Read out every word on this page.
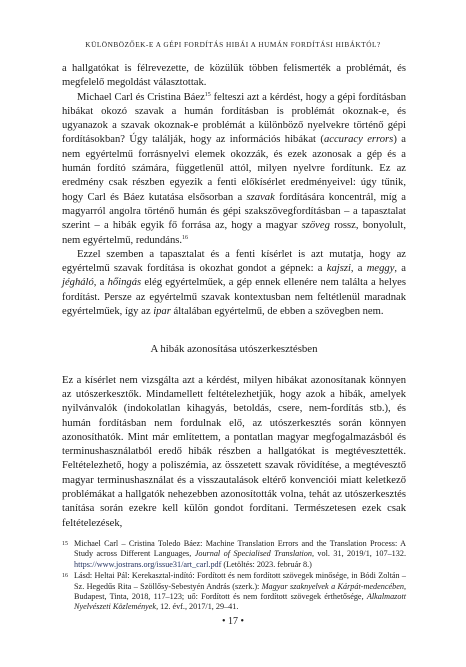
KÜLÖNBÖZŐEK-E A GÉPI FORDÍTÁS HIBÁI A HUMÁN FORDÍTÁSI HIBÁKTÓL?

a hallgatókat is félrevezette, de közülük többen felismerték a problémát, és megfelelő megoldást választottak.

Michael Carl és Cristina Báez$^{15}$ felteszi azt a kérdést, hogy a gépi fordításban hibákat okozó szavak a humán fordításban is problémát okoznak-e, és ugyanazok a szavak okoznak-e problémát a különböző nyelvekre történő gépi fordításokban? Úgy találják, hogy az információs hibákat (accuracy errors) a nem egyértelmű forrásnyelvi elemek okozzák, és ezek azonosak a gép és a humán fordító számára, függetlenül attól, milyen nyelvre fordítunk. Ez az eredmény csak részben egyezik a fenti előkísérlet eredményeivel: úgy tűnik, hogy Carl és Báez kutatása elsősorban a szavak fordítására koncentrál, míg a magyarról angolra történő humán és gépi szakszövegfordításban – a tapasztalat szerint – a hibák egyik fő forrása az, hogy a magyar szöveg rossz, bonyolult, nem egyértelmű, redundáns.$^{16}$

Ezzel szemben a tapasztalat és a fenti kísérlet is azt mutatja, hogy az egyértelmű szavak fordítása is okozhat gondot a gépnek: a kajszi, a meggy, a jégháló, a hőingás elég egyértelműek, a gép ennek ellenére nem találta a helyes fordítást. Persze az egyértelmű szavak kontextusban nem feltétlenül maradnak egyértelműek, így az ipar általában egyértelmű, de ebben a szövegben nem.

A hibák azonosítása utószerkesztésben

Ez a kísérlet nem vizsgálta azt a kérdést, milyen hibákat azonosítanak könnyen az utószerkesztők. Mindamellett feltételezhetjük, hogy azok a hibák, amelyek nyilvánvalók (indokolatlan kihagyás, betoldás, csere, nem-fordítás stb.), és humán fordításban nem fordulnak elő, az utószerkesztés során könnyen azonosíthatók. Mint már említettem, a pontatlan magyar megfogalmazásból és terminushasználatból eredő hibák részben a hallgatókat is megtévesztették. Feltételezhető, hogy a poliszémia, az összetett szavak rövidítése, a megtévesztő magyar terminushasználat és a visszautalások eltérő konvenciói miatt keletkező problémákat a hallgatók nehezebben azonosították volna, tehát az utószerkesztés tanítása során ezekre kell külön gondot fordítani. Természetesen ezek csak feltételezések,

15 Michael Carl – Cristina Toledo Báez: Machine Translation Errors and the Translation Process: A Study across Different Languages, Journal of Specialised Translation, vol. 31, 2019/1, 107–132. https://www.jostrans.org/issue31/art_carl.pdf (Letöltés: 2023. február 8.)
16 Lásd: Heltai Pál: Kerekasztal-indító: Fordított és nem fordított szövegek minősége, in Bódi Zoltán – Sz. Hegedűs Rita – Szöllősy-Sebestyén András (szerk.): Magyar szaknyelvek a Kárpát-medencében, Budapest, Tinta, 2018, 117–123; uő: Fordított és nem fordított szövegek érthetősége, Alkalmazott Nyelvészeti Közlemények, 12. évf., 2017/1, 29–41.
• 17 •
